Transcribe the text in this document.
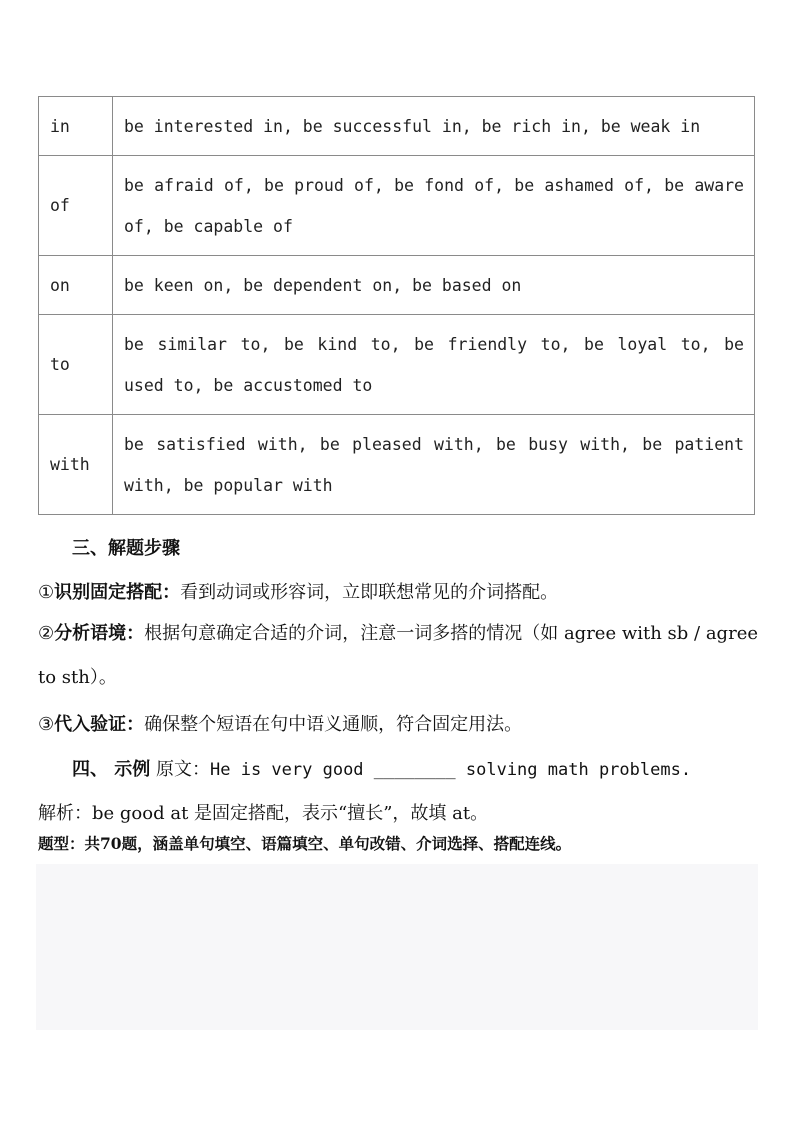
in	be interested in, be successful in, be rich in, be weak in
of	be afraid of, be proud of, be fond of, be ashamed of, be aware of, be capable of
on	be keen on, be dependent on, be based on
to	be similar to, be kind to, be friendly to, be loyal to, be used to, be accustomed to
with	be satisfied with, be pleased with, be busy with, be patient with, be popular with
三、解题步骤
①识别固定搭配：看到动词或形容词，立即联想常见的介词搭配。
②分析语境：根据句意确定合适的介词，注意一词多搭的情况（如 agree with sb / agree to sth）。
③代入验证：确保整个短语在句中语义通顺，符合固定用法。
四、 示例 原文：He is very good ________ solving math problems.
解析：be good at 是固定搭配，表示“擅长”，故填 at。
题型：共70题，涵盖单句填空、语篇填空、单句改错、介词选择、搭配连线。
